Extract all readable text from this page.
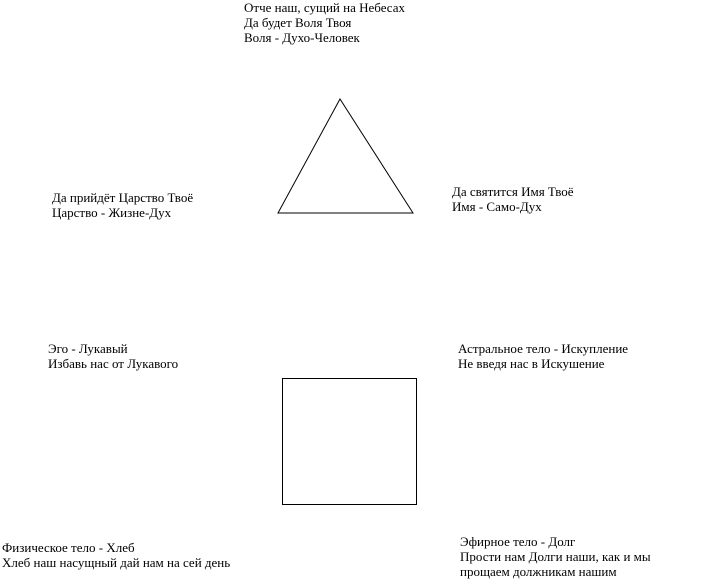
Отче наш, сущий на Небесах
Да будет Воля Твоя
Воля - Духо-Человек
Да прийдёт Царство Твоё
Царство - Жизне-Дух
Да святится Имя Твоё
Имя - Само-Дух
Эго - Лукавый
Избавь нас от Лукавого
Астральное тело - Искупление
Не введя нас в Искушение
Физическое тело - Хлеб
Хлеб наш насущный дай нам на сей день
Эфирное тело - Долг
Прости нам Долги наши, как и мы
прощаем должникам нашим
